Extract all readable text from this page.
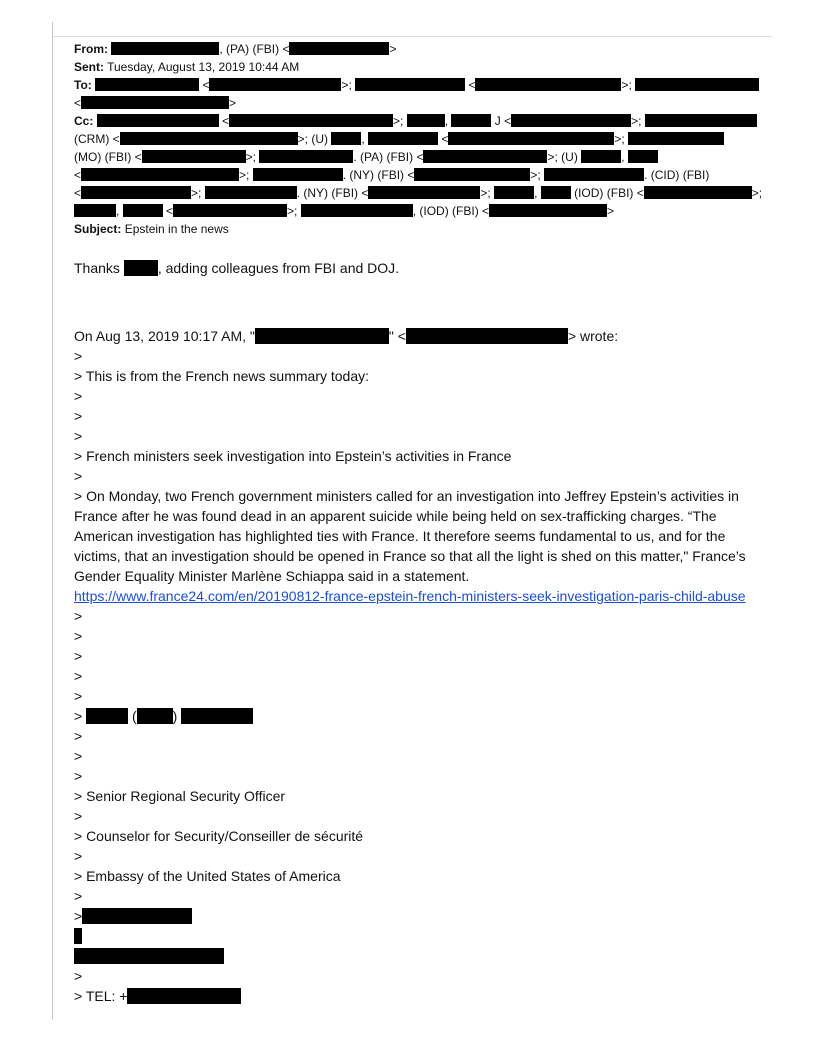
From:	, (PA) (FBI) <	>
Sent: Tuesday, August 13, 2019 10:44 AM
To:	<	>;	<	>;
<	>
Cc:	<	>;	,	J <	>;
(CRM) <	>; (U)	,	<	>;
(MO) (FBI) <	>;	. (PA) (FBI) <	>; (U)	,
<	>;	. (NY) (FBI) <	>;	. (CID) (FBI)
<	>;	. (NY) (FBI) <	>;	,	(IOD) (FBI) <	>;
,	<	>;	, (IOD) (FBI) <	>
Subject: Epstein in the news

Thanks	, adding colleagues from FBI and DOJ.

On Aug 13, 2019 10:17 AM, "	" <	> wrote:

>

> This is from the French news summary today:

>

>

>

> French ministers seek investigation into Epstein’s activities in France

>

> On Monday, two French government ministers called for an investigation into Jeffrey Epstein’s activities in France after he was found dead in an apparent suicide while being held on sex-trafficking charges. “The American investigation has highlighted ties with France. It therefore seems fundamental to us, and for the victims, that an investigation should be opened in France so that all the light is shed on this matter," France’s Gender Equality Minister Marlène Schiappa said in a statement.

https://www.france24.com/en/20190812-france-epstein-french-ministers-seek-investigation-paris-child-abuse

>

>

>

>

>

>	(	)

>

>

>

> Senior Regional Security Officer

>

> Counselor for Security/Conseiller de sécurité

>

> Embassy of the United States of America

>

>

>

> TEL: +
